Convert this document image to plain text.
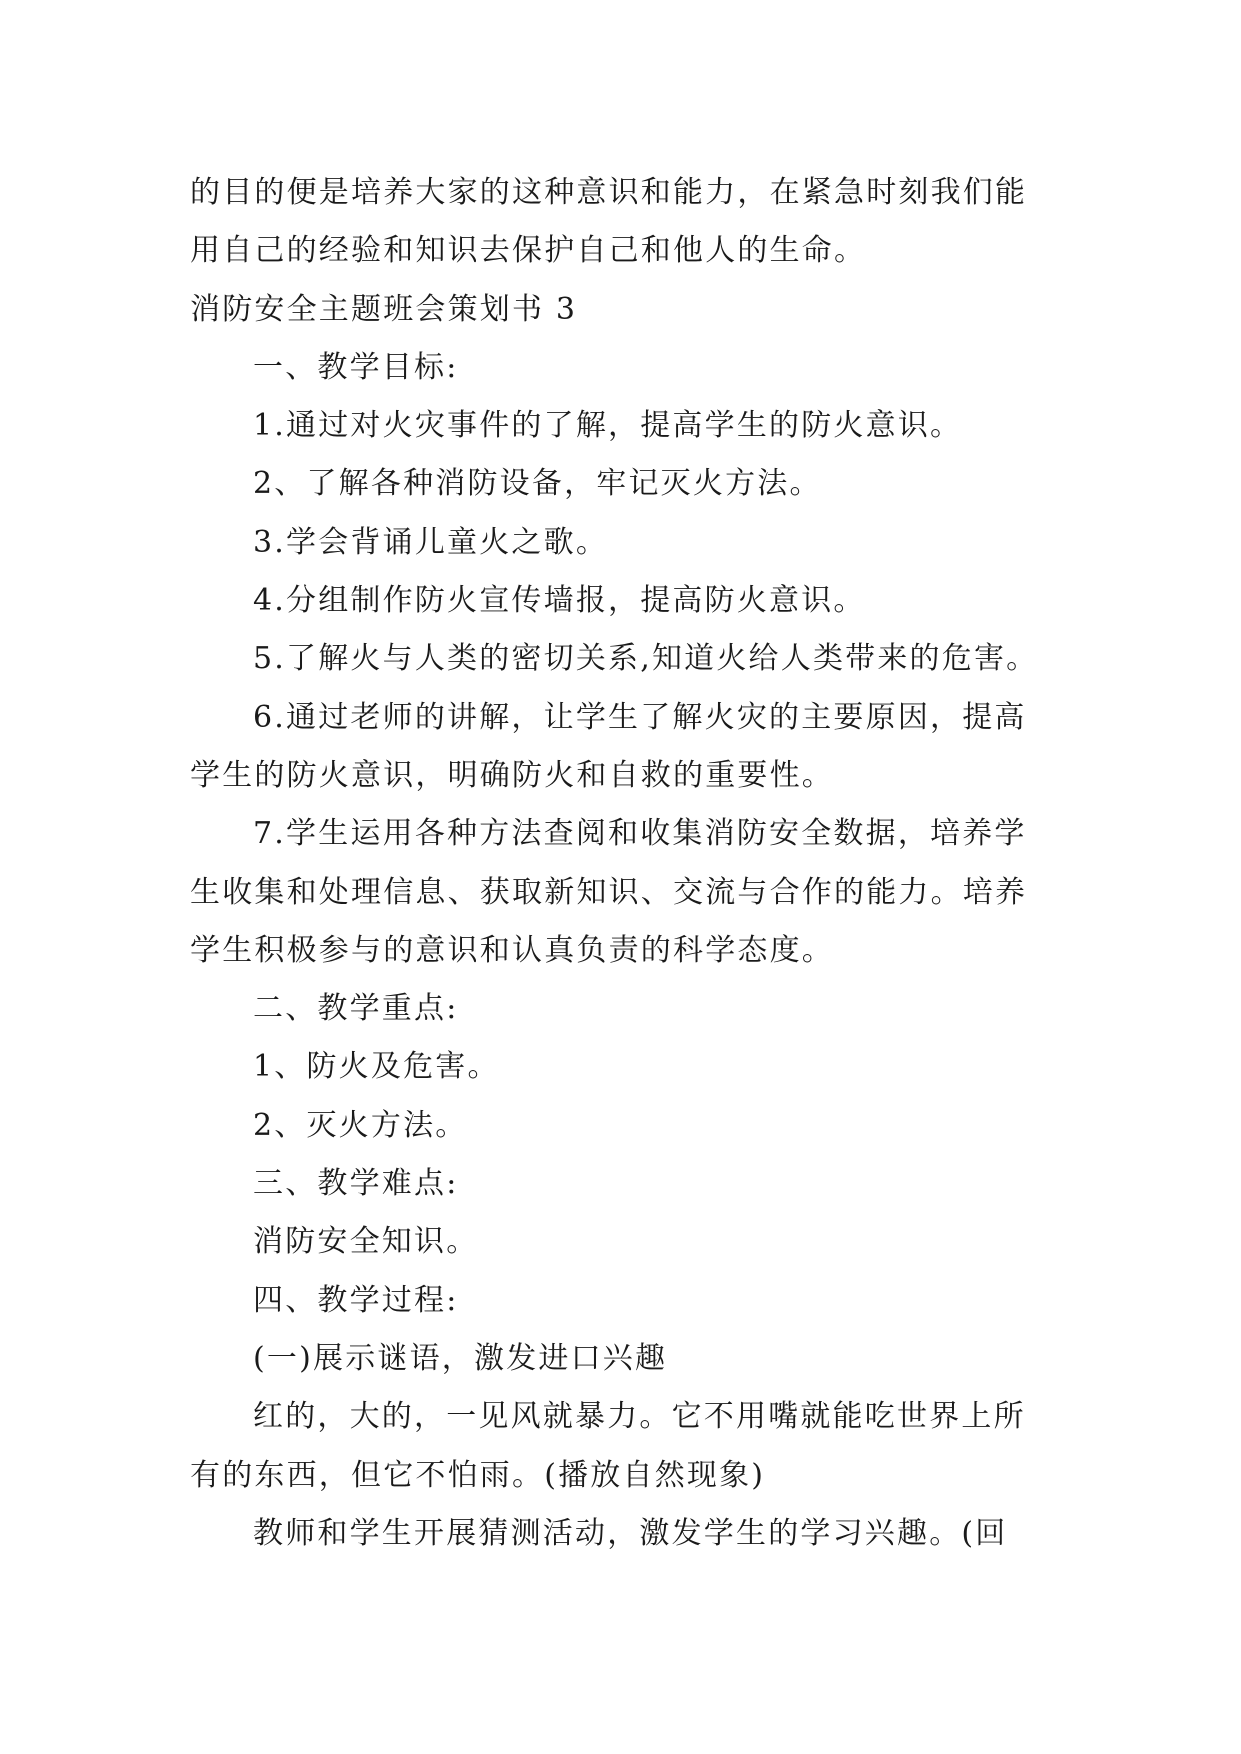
的目的便是培养大家的这种意识和能力，在紧急时刻我们能
用自己的经验和知识去保护自己和他人的生命。
消防安全主题班会策划书 3
一、教学目标:
1.通过对火灾事件的了解，提高学生的防火意识。
2、了解各种消防设备，牢记灭火方法。
3.学会背诵儿童火之歌。
4.分组制作防火宣传墙报，提高防火意识。
5.了解火与人类的密切关系,知道火给人类带来的危害。
6.通过老师的讲解，让学生了解火灾的主要原因，提高
学生的防火意识，明确防火和自救的重要性。
7.学生运用各种方法查阅和收集消防安全数据，培养学
生收集和处理信息、获取新知识、交流与合作的能力。培养
学生积极参与的意识和认真负责的科学态度。
二、教学重点:
1、防火及危害。
2、灭火方法。
三、教学难点:
消防安全知识。
四、教学过程:
(一)展示谜语，激发进口兴趣
红的，大的，一见风就暴力。它不用嘴就能吃世界上所
有的东西，但它不怕雨。(播放自然现象)
教师和学生开展猜测活动，激发学生的学习兴趣。(回
